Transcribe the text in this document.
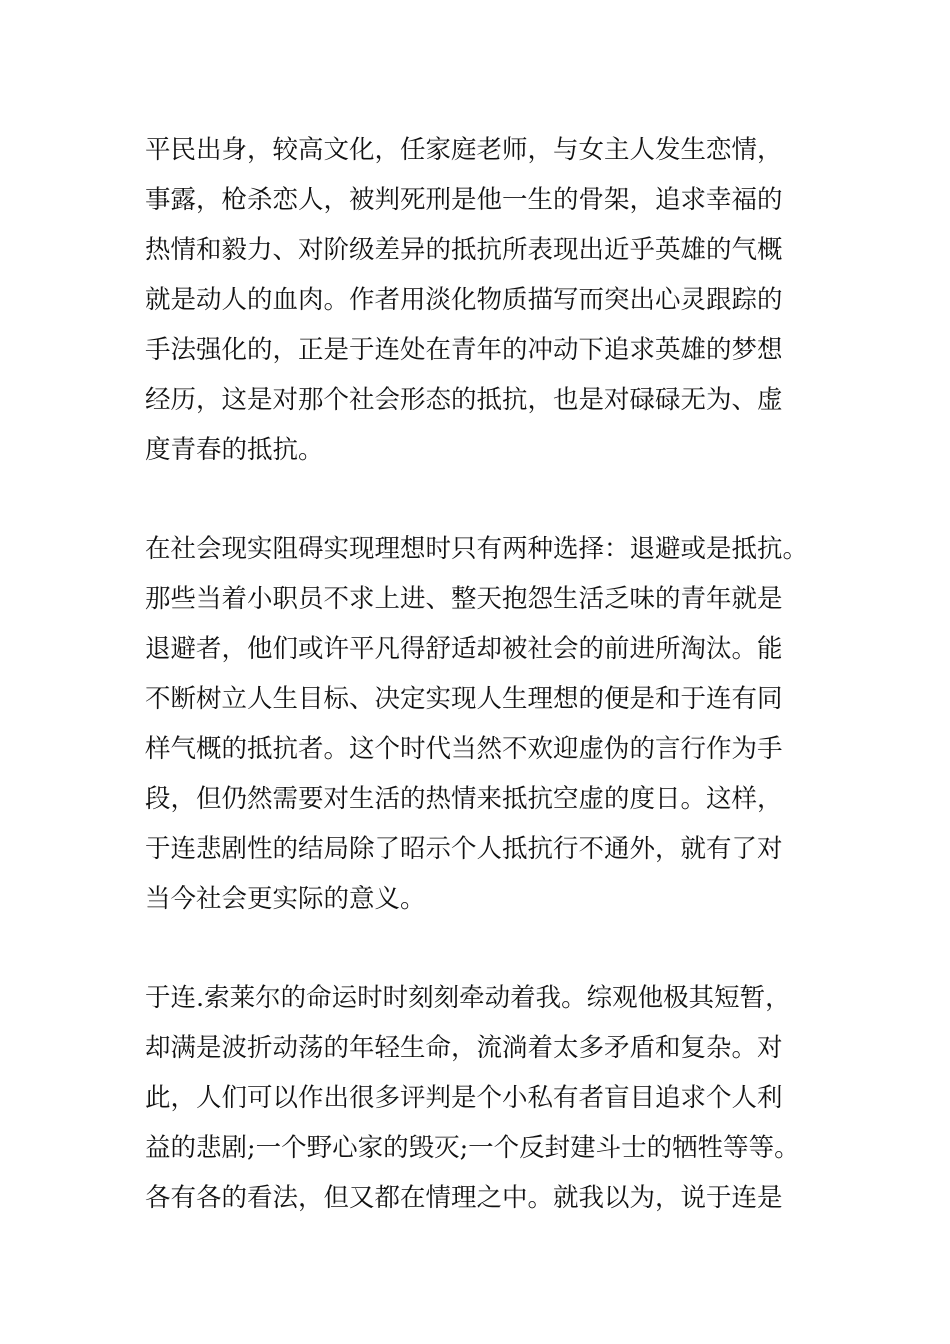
平民出身，较高文化，任家庭老师，与女主人发生恋情，
事露，枪杀恋人，被判死刑是他一生的骨架，追求幸福的
热情和毅力、对阶级差异的抵抗所表现出近乎英雄的气概
就是动人的血肉。作者用淡化物质描写而突出心灵跟踪的
手法强化的，正是于连处在青年的冲动下追求英雄的梦想
经历，这是对那个社会形态的抵抗，也是对碌碌无为、虚
度青春的抵抗。
在社会现实阻碍实现理想时只有两种选择：退避或是抵抗。
那些当着小职员不求上进、整天抱怨生活乏味的青年就是
退避者，他们或许平凡得舒适却被社会的前进所淘汰。能
不断树立人生目标、决定实现人生理想的便是和于连有同
样气概的抵抗者。这个时代当然不欢迎虚伪的言行作为手
段，但仍然需要对生活的热情来抵抗空虚的度日。这样，
于连悲剧性的结局除了昭示个人抵抗行不通外，就有了对
当今社会更实际的意义。
于连.索莱尔的命运时时刻刻牵动着我。综观他极其短暂，
却满是波折动荡的年轻生命，流淌着太多矛盾和复杂。对
此，人们可以作出很多评判是个小私有者盲目追求个人利
益的悲剧;一个野心家的毁灭;一个反封建斗士的牺牲等等。
各有各的看法，但又都在情理之中。就我以为，说于连是
